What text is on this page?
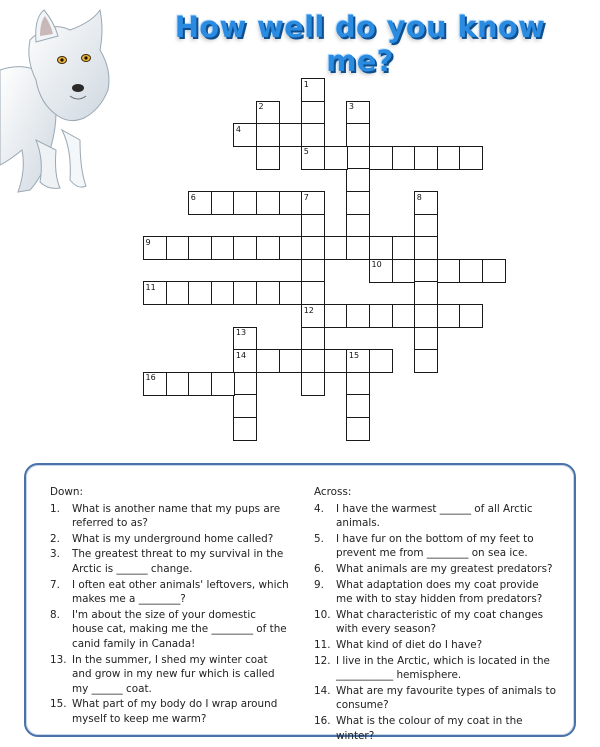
How well do you know me?
1
2	3
4
5
6	7	8
9
10
11
12
13
14	15
16
Down:
1.	What is another name that my pups are referred to as?
2.	What is my underground home called?
3.	The greatest threat to my survival in the Arctic is ______ change.
7.	I often eat other animals' leftovers, which makes me a ________?
8.	I'm about the size of your domestic house cat, making me the ________ of the canid family in Canada!
13. In the summer, I shed my winter coat and grow in my new fur which is called my ______ coat.
15. What part of my body do I wrap around myself to keep me warm?
Across:
4.	I have the warmest ______ of all Arctic animals.
5.	I have fur on the bottom of my feet to prevent me from ________ on sea ice.
6.	What animals are my greatest predators?
9.	What adaptation does my coat provide me with to stay hidden from predators?
10. What characteristic of my coat changes with every season?
11. What kind of diet do I have?
12. I live in the Arctic, which is located in the ___________ hemisphere.
14. What are my favourite types of animals to consume?
16. What is the colour of my coat in the winter?
